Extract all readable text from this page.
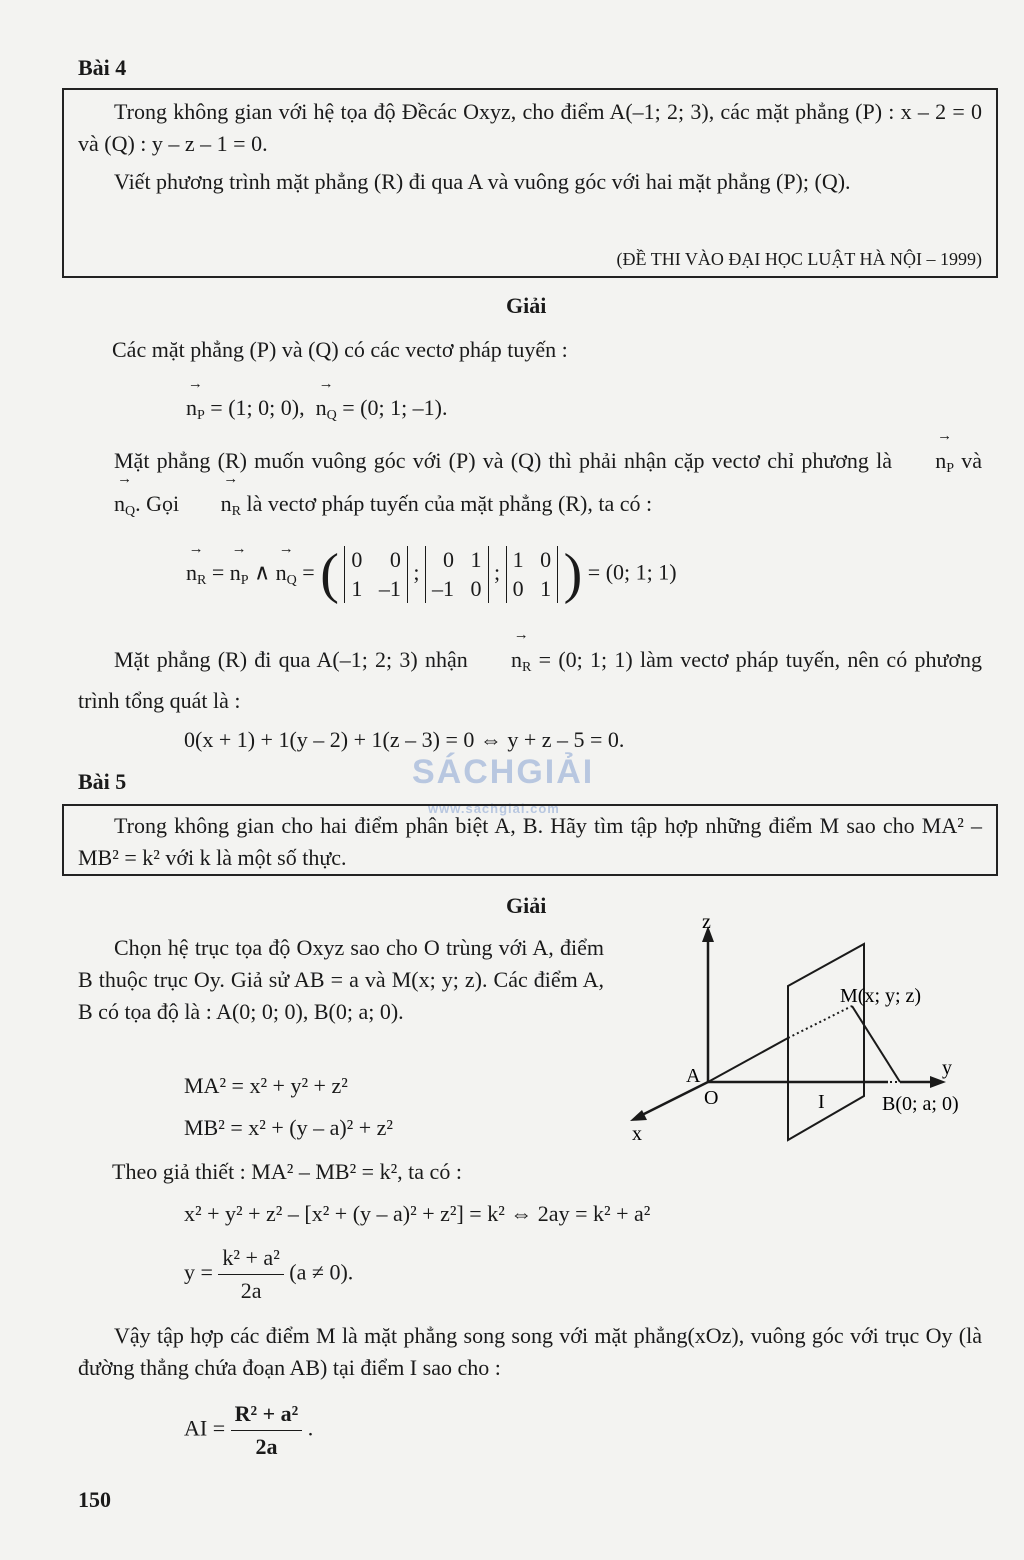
Bài 4

Trong không gian với hệ tọa độ Đềcác Oxyz, cho điểm A(–1; 2; 3), các mặt phẳng (P) : x – 2 = 0 và (Q) : y – z – 1 = 0.

Viết phương trình mặt phẳng (R) đi qua A và vuông góc với hai mặt phẳng (P); (Q).

(ĐỀ THI VÀO ĐẠI HỌC LUẬT HÀ NỘI – 1999)
Giải
Các mặt phẳng (P) và (Q) có các vectơ pháp tuyến :
→ $n_P = (1$; 0; 0), → $n_Q = (0$; 1; –1).

Mặt phẳng (R) muốn vuông góc với (P) và (Q) thì phải nhận cặp vectơ chỉ phương là → $n_P$ và → $n_Q$. Gọi → $n_R$ là vectơ pháp tuyến của mặt phẳng (R), ta có :

→ $n_R$ = → $n_P$ ∧ → $n_Q$ = ( 0     0
1   –1
;
0   1
–1   0
;
1   0
0   1 ) = (0; 1; 1)

Mặt phẳng (R) đi qua A(–1; 2; 3) nhận → $n_R = (0$; 1; 1) làm vectơ pháp tuyến, nên có phương trình tổng quát là :

0(x + 1) + 1(y – 2) + 1(z – 3) = 0 ⇔ y + z – 5 = 0.
SÁCHGIẢI
www.sachgiai.com
Bài 5

Trong không gian cho hai điểm phân biệt A, B. Hãy tìm tập hợp những điểm M sao cho MA² – MB² = k² với k là một số thực.

Giải

Chọn hệ trục tọa độ Oxyz sao cho O trùng với A, điểm B thuộc trục Oy. Giả sử AB = a và M(x; y; z). Các điểm A, B có tọa độ là : A(0; 0; 0), B(0; a; 0).

MA² = x² + y² + z²
MB² = x² + (y – a)² + z²
Theo giả thiết : MA² – MB² = k², ta có :
x² + y² + z² – [x² + (y – a)² + z²] = k² ⇔ 2ay = k² + a²
$y = \frac{\text{k² + a²}}{2a} (a \ne 0)$.

Vậy tập hợp các điểm M là mặt phẳng song song với mặt phẳng(xOz), vuông góc với trục Oy (là đường thẳng chứa đoạn AB) tại điểm I sao cho :

AI = $\frac{\text{R² + a²}}{2a}$ .
z
y
x
A
O	I
M(x; y; z)
B(0; a; 0)
150
